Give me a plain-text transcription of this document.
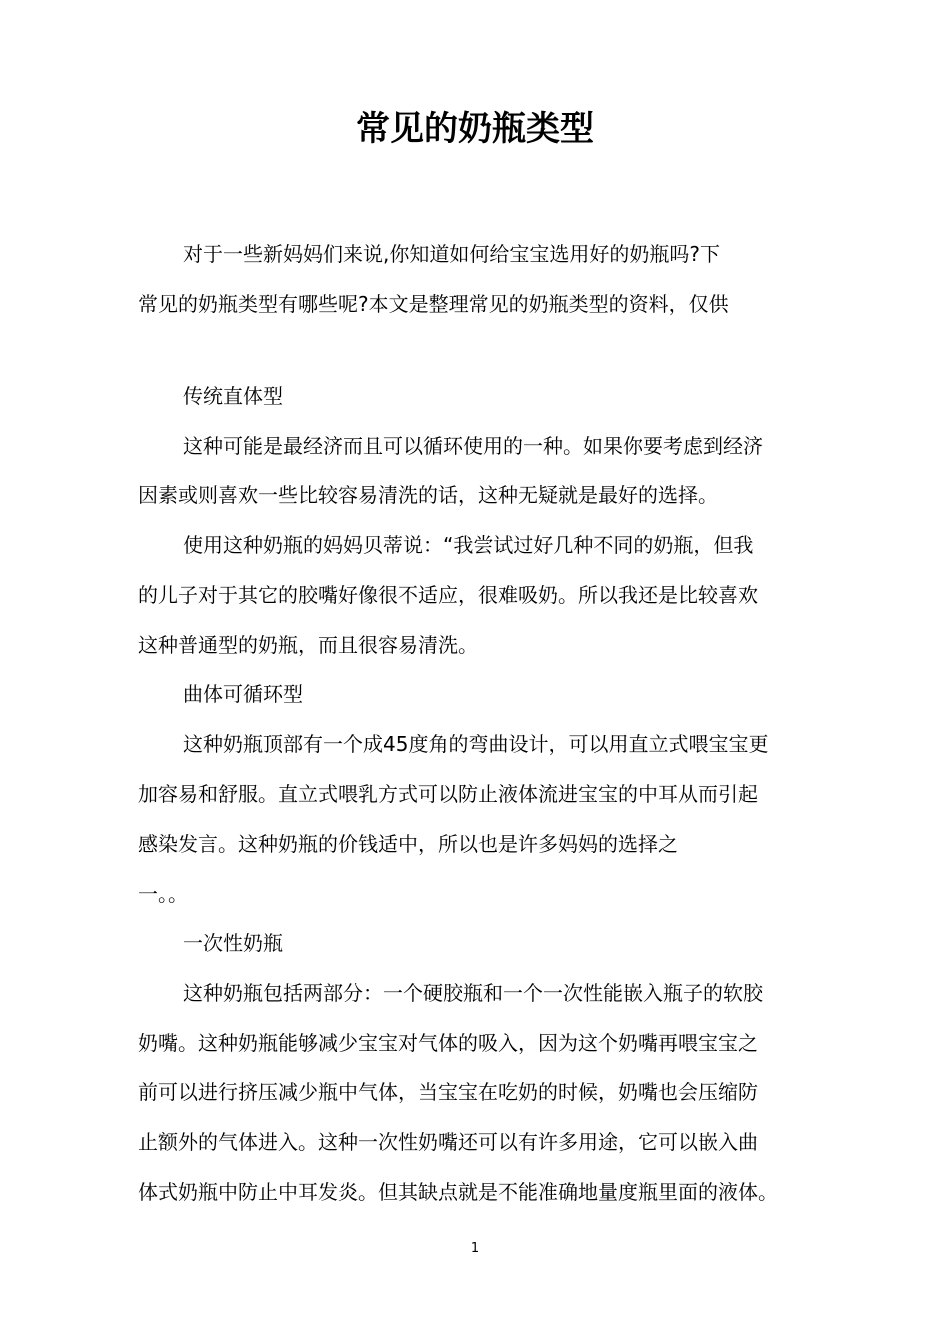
常见的奶瓶类型

对于一些新妈妈们来说,你知道如何给宝宝选用好的奶瓶吗?下

常见的奶瓶类型有哪些呢?本文是整理常见的奶瓶类型的资料，仅供

传统直体型

这种可能是最经济而且可以循环使用的一种。如果你要考虑到经济

因素或则喜欢一些比较容易清洗的话，这种无疑就是最好的选择。

使用这种奶瓶的妈妈贝蒂说：“我尝试过好几种不同的奶瓶，但我

的儿子对于其它的胶嘴好像很不适应，很难吸奶。所以我还是比较喜欢

这种普通型的奶瓶，而且很容易清洗。

曲体可循环型

这种奶瓶顶部有一个成45度角的弯曲设计，可以用直立式喂宝宝更

加容易和舒服。直立式喂乳方式可以防止液体流进宝宝的中耳从而引起

感染发言。这种奶瓶的价钱适中，所以也是许多妈妈的选择之

一。。

一次性奶瓶

这种奶瓶包括两部分：一个硬胶瓶和一个一次性能嵌入瓶子的软胶

奶嘴。这种奶瓶能够减少宝宝对气体的吸入，因为这个奶嘴再喂宝宝之

前可以进行挤压减少瓶中气体，当宝宝在吃奶的时候，奶嘴也会压缩防

止额外的气体进入。这种一次性奶嘴还可以有许多用途，它可以嵌入曲

体式奶瓶中防止中耳发炎。但其缺点就是不能准确地量度瓶里面的液体。

1
